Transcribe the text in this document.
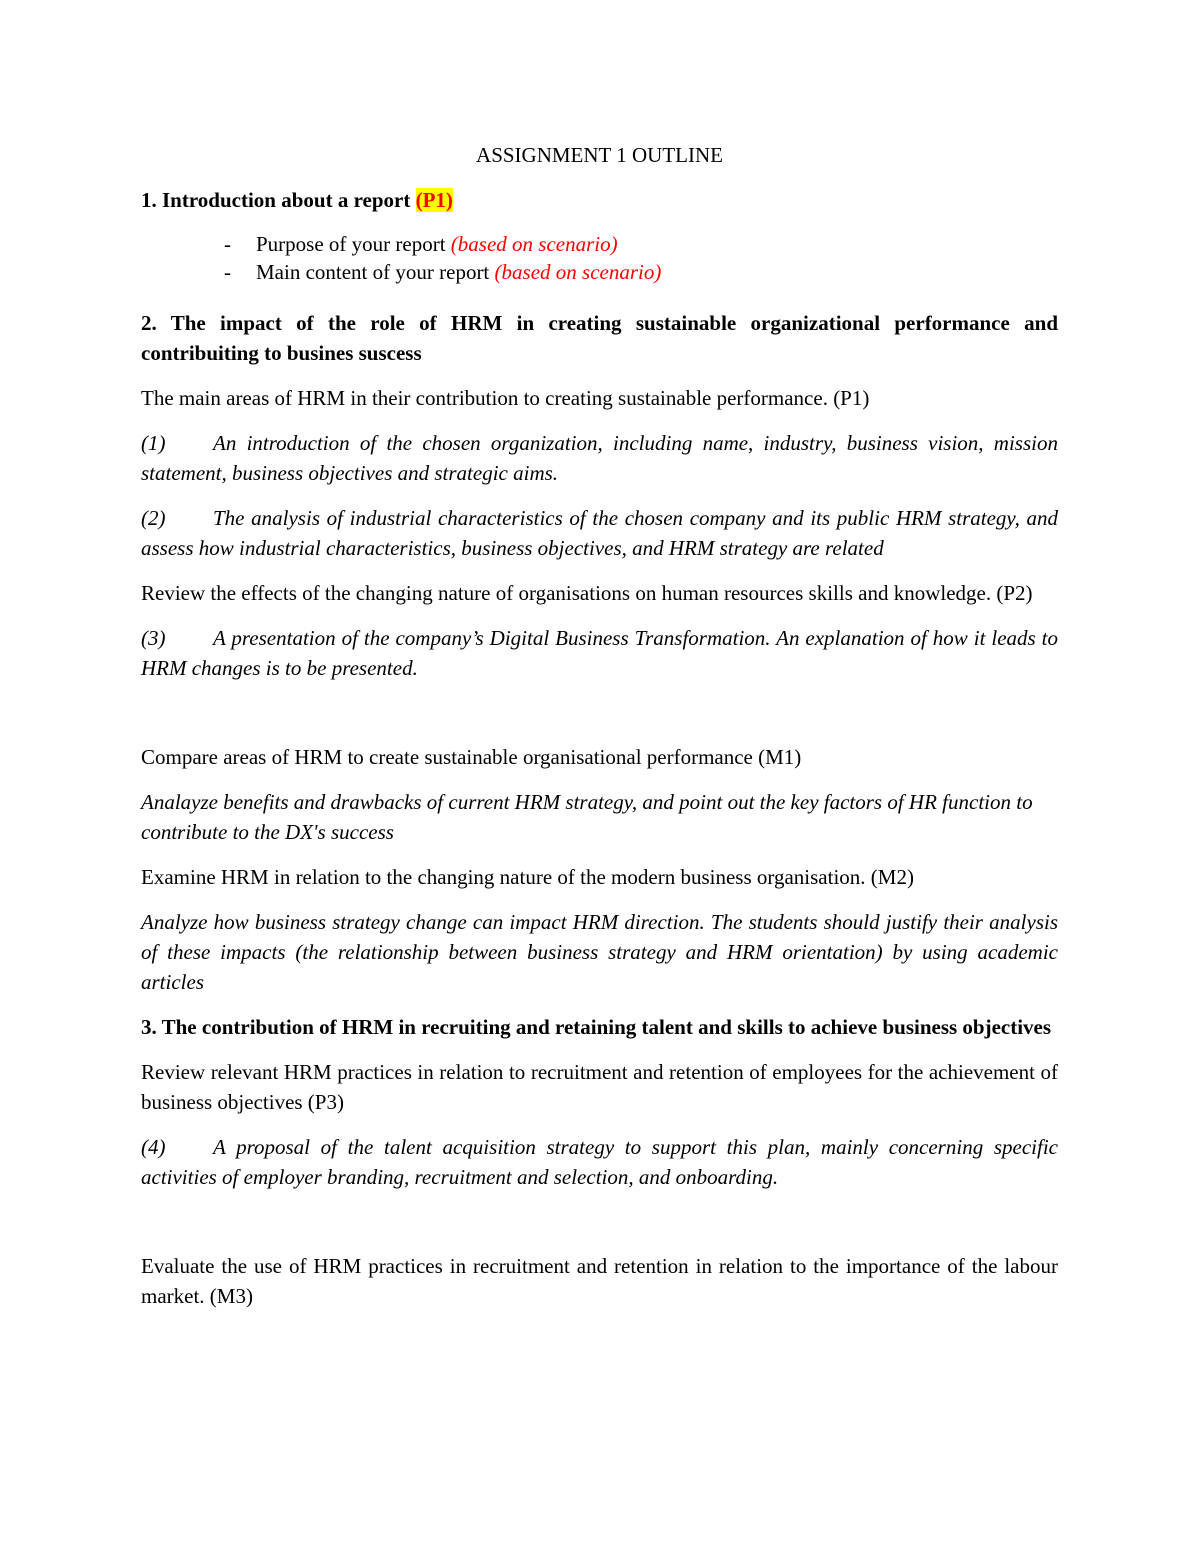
ASSIGNMENT 1 OUTLINE
1. Introduction about a report (P1)
- Purpose of your report (based on scenario)
- Main content of your report (based on scenario)
2. The impact of the role of HRM in creating sustainable organizational performance and contribuiting to busines suscess

The main areas of HRM in their contribution to creating sustainable performance. (P1)

(1) An introduction of the chosen organization, including name, industry, business vision, mission statement, business objectives and strategic aims.
(2) The analysis of industrial characteristics of the chosen company and its public HRM strategy, and assess how industrial characteristics, business objectives, and HRM strategy are related

Review the effects of the changing nature of organisations on human resources skills and knowledge. (P2)

(3) A presentation of the company’s Digital Business Transformation. An explanation of how it leads to HRM changes is to be presented.

Compare areas of HRM to create sustainable organisational performance (M1)

Analayze benefits and drawbacks of current HRM strategy, and point out the key factors of HR function to contribute to the DX's success

Examine HRM in relation to the changing nature of the modern business organisation. (M2)

Analyze how business strategy change can impact HRM direction. The students should justify their analysis of these impacts (the relationship between business strategy and HRM orientation) by using academic articles

3. The contribution of HRM in recruiting and retaining talent and skills to achieve business objectives

Review relevant HRM practices in relation to recruitment and retention of employees for the achievement of business objectives (P3)

(4) A proposal of the talent acquisition strategy to support this plan, mainly concerning specific activities of employer branding, recruitment and selection, and onboarding.

Evaluate the use of HRM practices in recruitment and retention in relation to the importance of the labour market. (M3)
